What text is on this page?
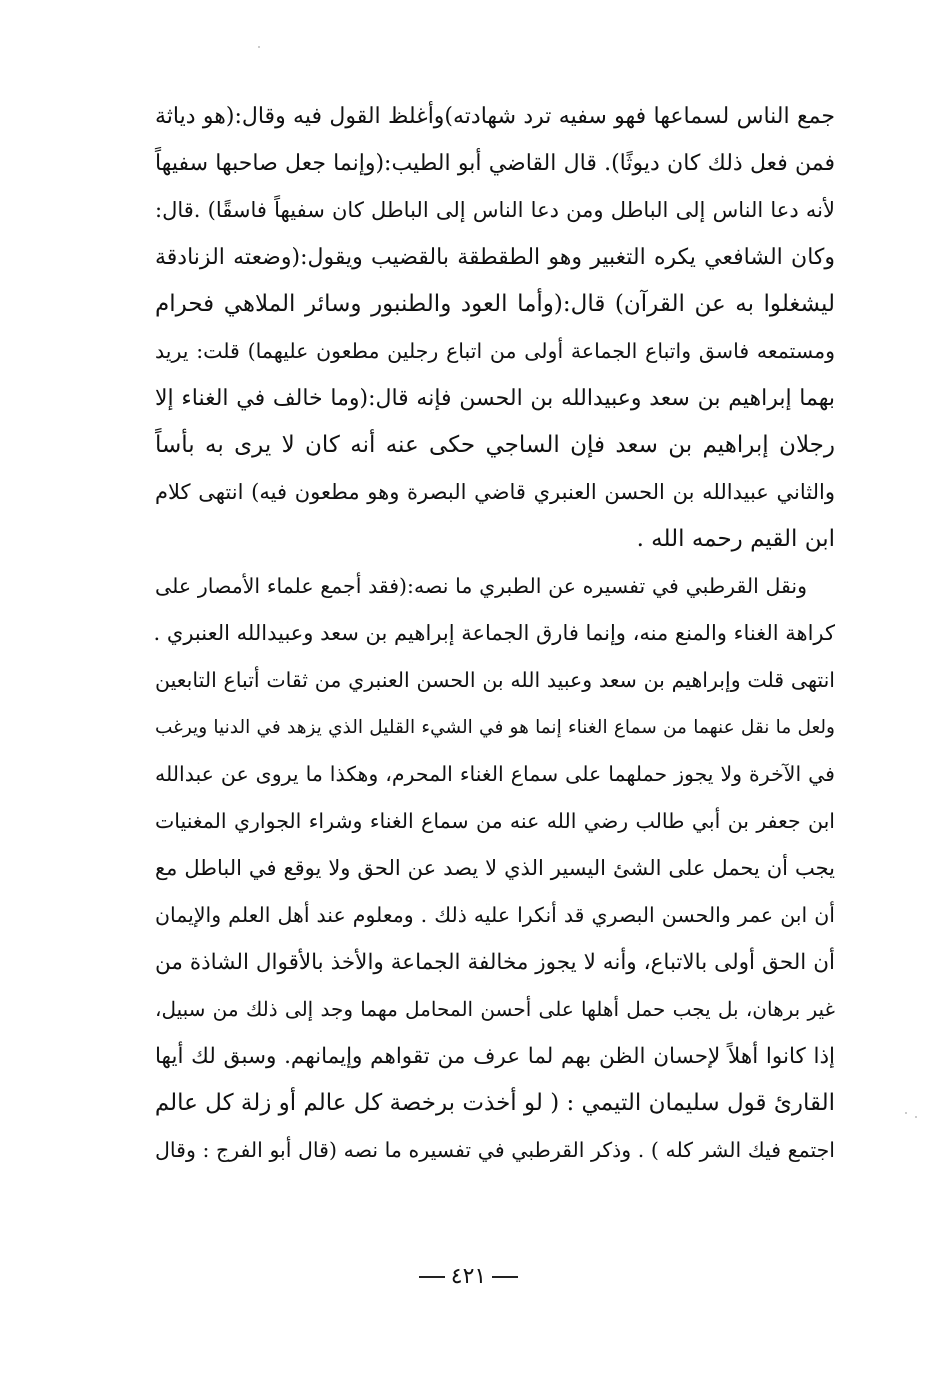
جمع الناس لسماعها فهو سفيه ترد شهادته)وأغلظ القول فيه وقال:(هو دياثة
فمن فعل ذلك كان ديوثًا). قال القاضي أبو الطيب:(وإنما جعل صاحبها سفيهاً
لأنه دعا الناس إلى الباطل ومن دعا الناس إلى الباطل كان سفيهاً فاسقًا) .قال:
وكان الشافعي يكره التغبير وهو الطقطقة بالقضيب ويقول:(وضعته الزنادقة
ليشغلوا به عن القرآن) قال:(وأما العود والطنبور وسائر الملاهي فحرام
ومستمعه فاسق واتباع الجماعة أولى من اتباع رجلين مطعون عليهما) قلت: يريد
بهما إبراهيم بن سعد وعبيدالله بن الحسن فإنه قال:(وما خالف في الغناء إلا
رجلان إبراهيم بن سعد فإن الساجي حكى عنه أنه كان لا يرى به بأساً
والثاني عبيدالله بن الحسن العنبري قاضي البصرة وهو مطعون فيه) انتهى كلام
ابن القيم رحمه الله .
ونقل القرطبي في تفسيره عن الطبري ما نصه:(فقد أجمع علماء الأمصار على
كراهة الغناء والمنع منه، وإنما فارق الجماعة إبراهيم بن سعد وعبيدالله العنبري .
انتهى قلت وإبراهيم بن سعد وعبيد الله بن الحسن العنبري من ثقات أتباع التابعين
ولعل ما نقل عنهما من سماع الغناء إنما هو في الشيء القليل الذي يزهد في الدنيا ويرغب
في الآخرة ولا يجوز حملهما على سماع الغناء المحرم، وهكذا ما يروى عن عبدالله
ابن جعفر بن أبي طالب رضي الله عنه من سماع الغناء وشراء الجواري المغنيات
يجب أن يحمل على الشئ اليسير الذي لا يصد عن الحق ولا يوقع في الباطل مع
أن ابن عمر والحسن البصري قد أنكرا عليه ذلك . ومعلوم عند أهل العلم والإيمان
أن الحق أولى بالاتباع، وأنه لا يجوز مخالفة الجماعة والأخذ بالأقوال الشاذة من
غير برهان، بل يجب حمل أهلها على أحسن المحامل مهما وجد إلى ذلك من سبيل،
إذا كانوا أهلاً لإحسان الظن بهم لما عرف من تقواهم وإيمانهم. وسبق لك أيها
القارئ قول سليمان التيمي : ( لو أخذت برخصة كل عالم أو زلة كل عالم
اجتمع فيك الشر كله ) . وذكر القرطبي في تفسيره ما نصه (قال أبو الفرج : وقال
٤٢١
